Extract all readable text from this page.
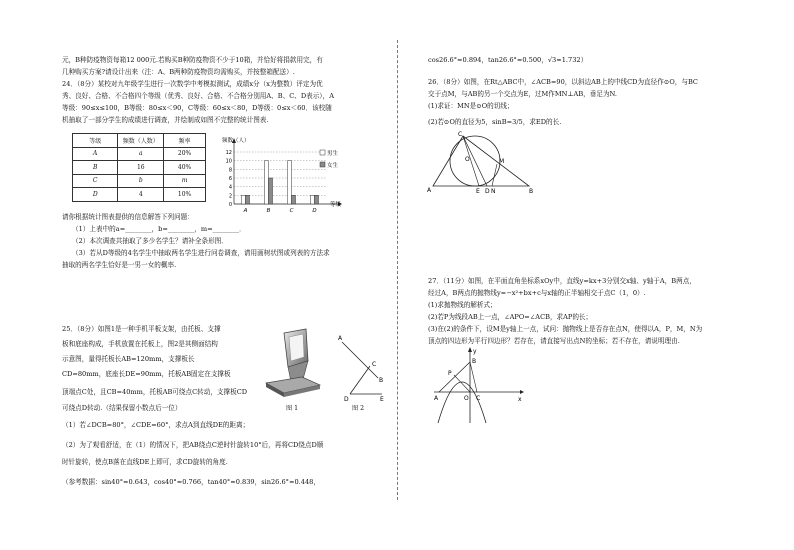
元，B种防疫物资每箱12 000元.若购买B种防疫物资不少于10箱，并恰好将捐款用完，有
几种购买方案?请设计出来（注：A、B两种防疫物资均需购买，并按整箱配送）.
24．（8分）某校对九年级学生进行一次数学中考模拟测试，成绩x分（x为整数）评定为优
秀、良好、合格、不合格四个等级（优秀、良好、合格、不合格分别用A、B、C、D表示），A
等级：90≤x≤100，B等级：80≤x＜90，C等级：60≤x＜80，D等级：0≤x＜60．该校随
机抽取了一部分学生的成绩进行调查，并绘制成如图不完整的统计图表.
等级	频数（人数）	频率
A	a	20%
B	16	40%
C	b	m
D	4	10%
0
2
4
6
8
10
12
频数（人）
等级
A	B	C	D
男生
女生
请你根据统计图表提供的信息解答下列问题：
（1）上表中的a=________，b=________，m=________．
（2）本次调查共抽取了多少名学生？请补全条形图．
（3）若从D等级的4名学生中抽取两名学生进行问卷调查，请用画树状图或列表的方法求
抽取的两名学生恰好是一男一女的概率.
25．（8分）如图1是一种手机平板支架，由托板、支撑
板和底座构成，手机放置在托板上，图2是其侧面结构
示意图，量得托板长AB=120mm，支撑板长
CD=80mm，底座长DE=90mm，托板AB固定在支撑板
顶端点C处，且CB=40mm，托板AB可绕点C转动，支撑板CD
可绕点D转动.（结果保留小数点后一位）
（1）若∠DCB=80°，∠CDE=60°，求点A到直线DE的距离；
（2）为了观看舒适，在（1）的情况下，把AB绕点C逆时针旋转10°后，再将CD绕点D顺
时针旋转，使点B落在直线DE上即可，求CD旋转的角度.
（参考数据：sin40°≈0.643，cos40°≈0.766，tan40°≈0.839，sin26.6°≈0.448，
图 1
A
C
B
D	E
图 2
cos26.6°≈0.894，tan26.6°≈0.500，√3≈1.732）
26．（8分）如图，在Rt△ABC中，∠ACB=90，以斜边AB上的中线CD为直径作⊙O，与BC
交于点M，与AB的另一个交点为E，过M作MN⊥AB，垂足为N.
(1)求证：MN是⊙O的切线；
(2)若⊙O的直径为5，sinB=3/5，求ED的长.
C
O	M
A	E D N	B
27．（11分）如图，在平面直角坐标系xOy中，直线y=kx+3分别交x轴、y轴于A，B两点，
经过A，B两点的抛物线y=−x²+bx+c与x轴的正半轴相交于点C（1，0）.
(1)求抛物线的解析式；
(2)若P为线段AB上一点，∠APO=∠ACB，求AP的长；
(3)在(2)的条件下，设M是y轴上一点，试问：抛物线上是否存在点N，使得以A，P，M，N为
顶点的四边形为平行四边形？若存在，请直接写出点N的坐标；若不存在，请说明理由.
y
B
P
A	O C	x
